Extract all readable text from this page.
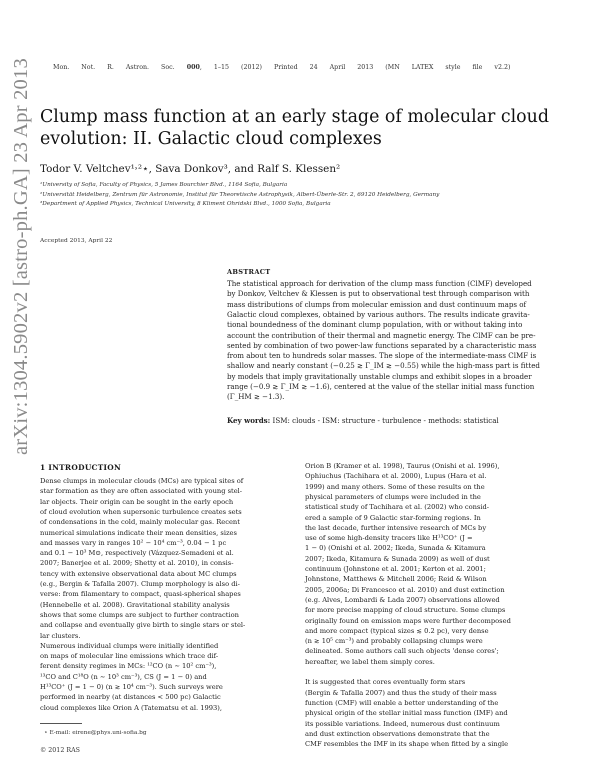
Mon. Not. R. Astron. Soc. 000, 1–15 (2012) Printed 24 April 2013 (MN LATEX style file v2.2)
arXiv:1304.5902v2 [astro-ph.GA] 23 Apr 2013 Clump mass function at an early stage of molecular cloud
evolution: II. Galactic cloud complexes
Todor V. Veltchev¹˒²⋆, Sava Donkov³, and Ralf S. Klessen²
¹University of Sofia, Faculty of Physics, 5 James Bourchier Blvd., 1164 Sofia, Bulgaria
²Universität Heidelberg, Zentrum für Astronomie, Institut für Theoretische Astrophysik, Albert-Überle-Str. 2, 69120 Heidelberg, Germany
³Department of Applied Physics, Technical University, 8 Kliment Ohridski Blvd., 1000 Sofia, Bulgaria
Accepted 2013, April 22
ABSTRACT
The statistical approach for derivation of the clump mass function (ClMF) developed
by Donkov, Veltchev & Klessen is put to observational test through comparison with
mass distributions of clumps from molecular emission and dust continuum maps of
Galactic cloud complexes, obtained by various authors. The results indicate gravita-
tional boundedness of the dominant clump population, with or without taking into
account the contribution of their thermal and magnetic energy. The ClMF can be pre-
sented by combination of two power-law functions separated by a characteristic mass
from about ten to hundreds solar masses. The slope of the intermediate-mass ClMF is
shallow and nearly constant (−0.25 ≳ Γ_IM ≳ −0.55) while the high-mass part is fitted
by models that imply gravitationally unstable clumps and exhibit slopes in a broader
range (−0.9 ≳ Γ_IM ≳ −1.6), centered at the value of the stellar initial mass function
(Γ_HM ≳ −1.3).
Key words: ISM: clouds - ISM: structure - turbulence - methods: statistical
1 INTRODUCTION
Dense clumps in molecular clouds (MCs) are typical sites of
star formation as they are often associated with young stel-
lar objects. Their origin can be sought in the early epoch
of cloud evolution when supersonic turbulence creates sets
of condensations in the cold, mainly molecular gas. Recent
numerical simulations indicate their mean densities, sizes
and masses vary in ranges 10² − 10⁴ cm⁻³, 0.04 − 1 pc
and 0.1 − 10³ M⊙, respectively (Vázquez-Semadeni et al.
2007; Banerjee et al. 2009; Shetty et al. 2010), in consis-
tency with extensive observational data about MC clumps
(e.g., Bergin & Tafalla 2007). Clump morphology is also di-
verse: from filamentary to compact, quasi-spherical shapes
(Hennebelle et al. 2008). Gravitational stability analysis
shows that some clumps are subject to further contraction
and collapse and eventually give birth to single stars or stel-
lar clusters.
Numerous individual clumps were initially identified
on maps of molecular line emissions which trace dif-
ferent density regimes in MCs: ¹²CO (n ∼ 10² cm⁻³),
¹³CO and C¹⁸O (n ∼ 10³ cm⁻³), CS (J = 1 − 0) and
H¹³CO⁺ (J = 1 − 0) (n ≳ 10⁴ cm⁻³). Such surveys were
performed in nearby (at distances < 500 pc) Galactic
cloud complexes like Orion A (Tatematsu et al. 1993),
Orion B (Kramer et al. 1998), Taurus (Onishi et al. 1996),
Ophiuchus (Tachihara et al. 2000), Lupus (Hara et al.
1999) and many others. Some of these results on the
physical parameters of clumps were included in the
statistical study of Tachihara et al. (2002) who consid-
ered a sample of 9 Galactic star-forming regions. In
the last decade, further intensive research of MCs by
use of some high-density tracers like H¹³CO⁺ (J =
1 − 0) (Onishi et al. 2002; Ikeda, Sunada & Kitamura
2007; Ikeda, Kitamura & Sunada 2009) as well of dust
continuum (Johnstone et al. 2001; Kerton et al. 2001;
Johnstone, Matthews & Mitchell 2006; Reid & Wilson
2005, 2006a; Di Francesco et al. 2010) and dust extinction
(e.g. Alves, Lombardi & Lada 2007) observations allowed
for more precise mapping of cloud structure. Some clumps
originally found on emission maps were further decomposed
and more compact (typical sizes ≲ 0.2 pc), very dense
(n ≳ 10⁵ cm⁻³) and probably collapsing clumps were
delineated. Some authors call such objects 'dense cores';
hereafter, we label them simply cores.
It is suggested that cores eventually form stars
(Bergin & Tafalla 2007) and thus the study of their mass
function (CMF) will enable a better understanding of the
physical origin of the stellar initial mass function (IMF) and
its possible variations. Indeed, numerous dust continuum
and dust extinction observations demonstrate that the
CMF resembles the IMF in its shape when fitted by a single
⋆ E-mail: eirene@phys.uni-sofia.bg
© 2012 RAS
